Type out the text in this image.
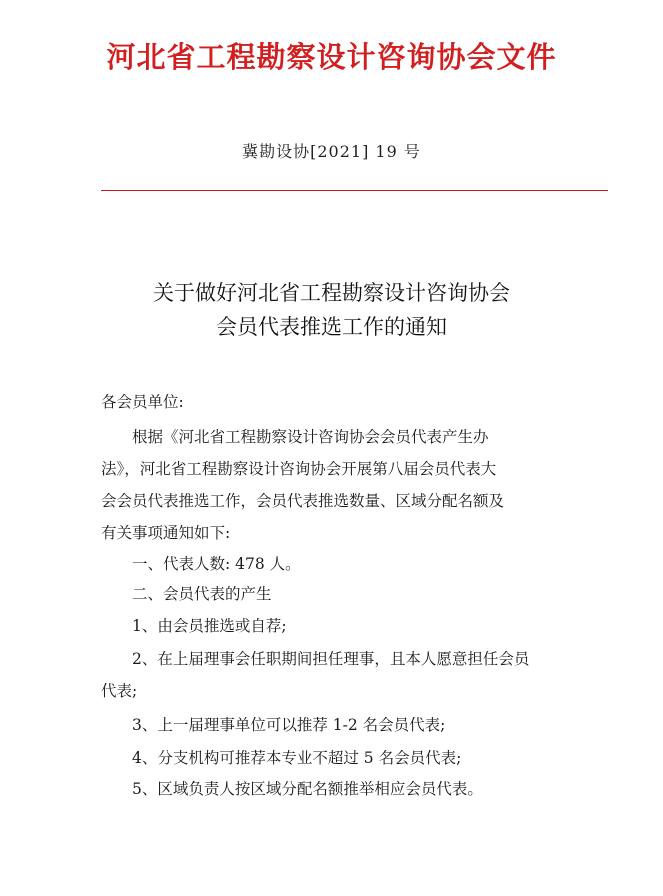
河北省工程勘察设计咨询协会文件
冀勘设协[2021] 19 号
关于做好河北省工程勘察设计咨询协会
会员代表推选工作的通知
各会员单位:
根据《河北省工程勘察设计咨询协会会员代表产生办
法》，河北省工程勘察设计咨询协会开展第八届会员代表大
会会员代表推选工作，会员代表推选数量、区域分配名额及
有关事项通知如下:
一、代表人数: 478 人。
二、会员代表的产生
1、由会员推选或自荐;
2、在上届理事会任职期间担任理事，且本人愿意担任会员
代表;
3、上一届理事单位可以推荐 1-2 名会员代表;
4、分支机构可推荐本专业不超过 5 名会员代表;
5、区域负责人按区域分配名额推举相应会员代表。
